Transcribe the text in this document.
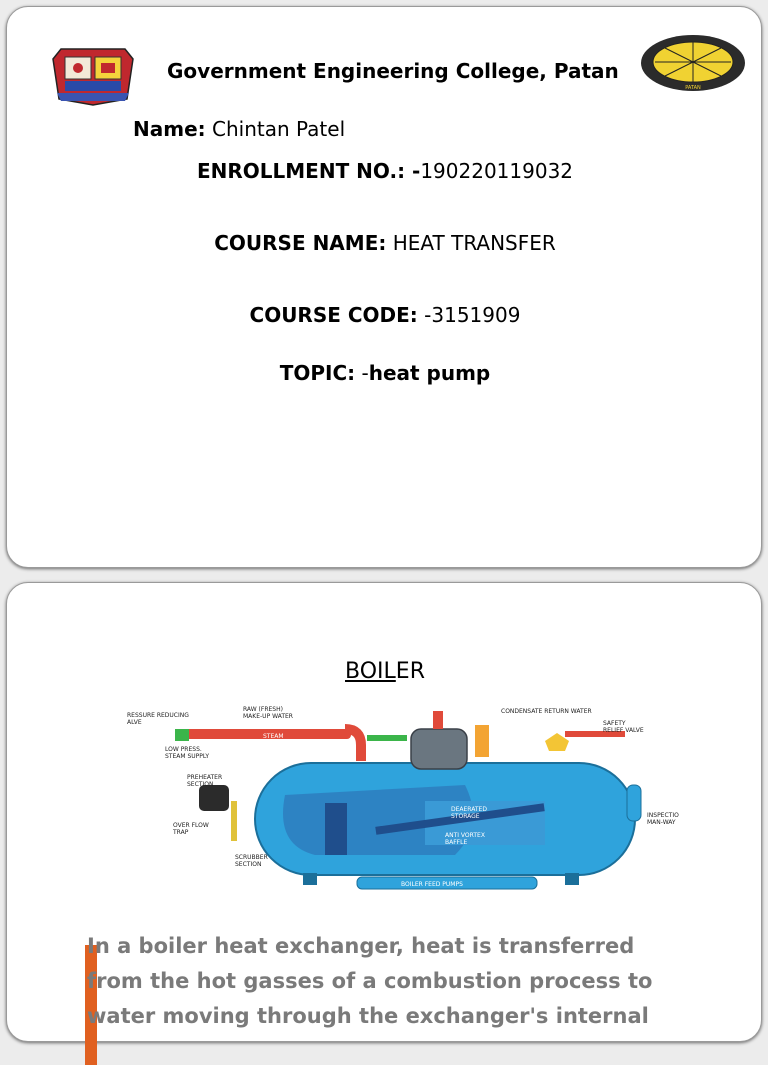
Government Engineering College, Patan
PATAN
Name: Chintan Patel
ENROLLMENT NO.: -190220119032
COURSE NAME: HEAT TRANSFER
COURSE CODE: -3151909
TOPIC: -heat pump
BOILER
RESSURE REDUCING
ALVE
RAW (FRESH)
MAKE-UP WATER
STEAM
LOW PRESS.
STEAM SUPPLY
CONDENSATE RETURN WATER
SAFETY
RELIEF VALVE
PREHEATER
SECTION
OVER FLOW
TRAP
DEAERATED
STORAGE
ANTI VORTEX
BAFFLE
INSPECTIO
MAN-WAY
SCRUBBER
SECTION
BOILER FEED PUMPS
In a boiler heat exchanger, heat is transferred from the hot gasses of a combustion process to water moving through the exchanger's internal
